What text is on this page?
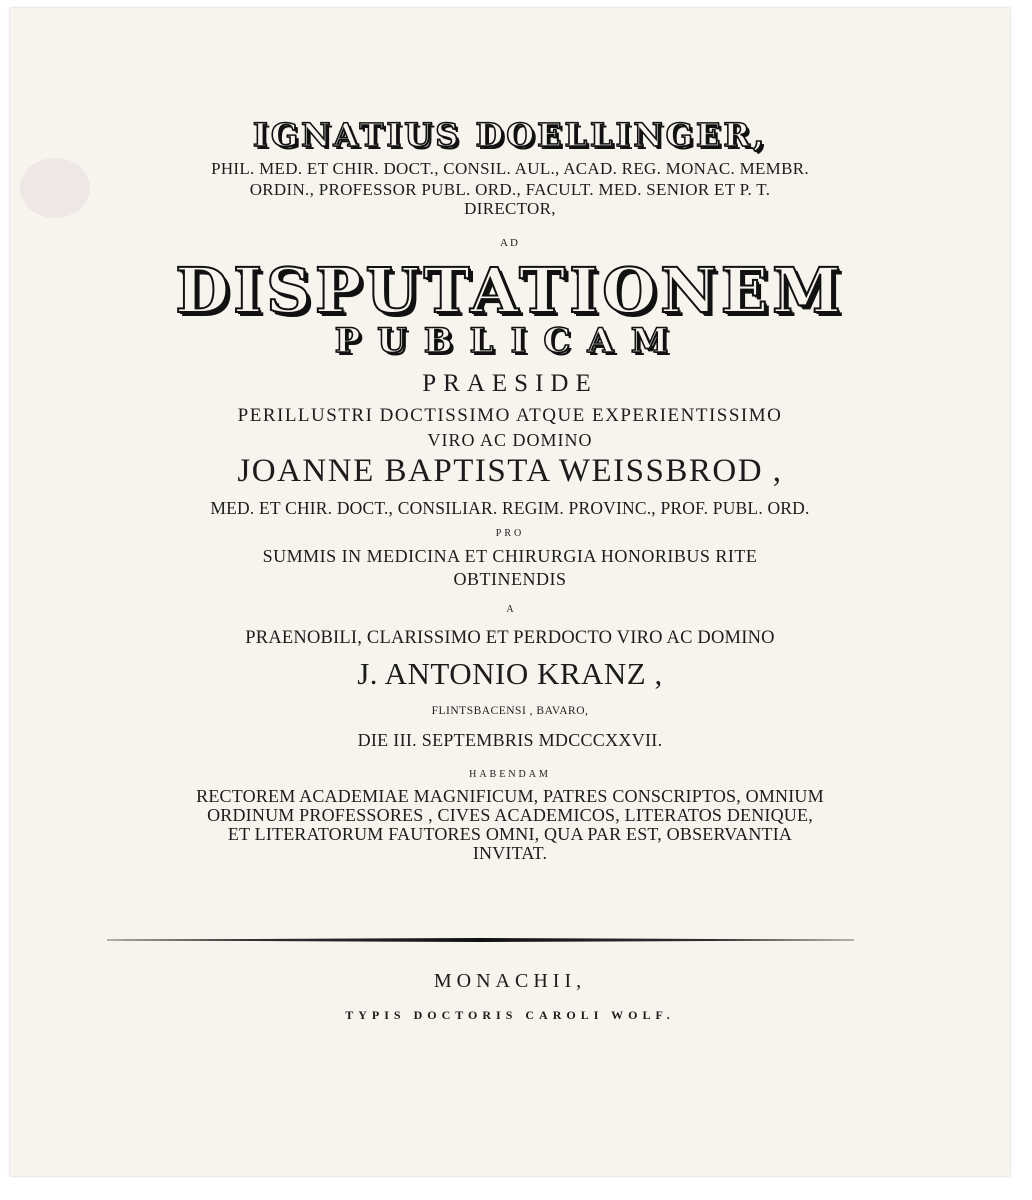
IGNATIUS DOELLINGER,
PHIL. MED. ET CHIR. DOCT., CONSIL. AUL., ACAD. REG. MONAC. MEMBR.
ORDIN., PROFESSOR PUBL. ORD., FACULT. MED. SENIOR ET P. T.
DIRECTOR,
AD
DISPUTATIONEM
PUBLICAM
PRAESIDE
PERILLUSTRI DOCTISSIMO ATQUE EXPERIENTISSIMO
VIRO AC DOMINO
JOANNE BAPTISTA WEISSBROD ,
MED. ET CHIR. DOCT., CONSILIAR. REGIM. PROVINC., PROF. PUBL. ORD.
PRO
SUMMIS IN MEDICINA ET CHIRURGIA HONORIBUS RITE
OBTINENDIS
A
PRAENOBILI, CLARISSIMO ET PERDOCTO VIRO AC DOMINO
J. ANTONIO KRANZ ,
FLINTSBACENSI , BAVARO,
DIE III. SEPTEMBRIS MDCCCXXVII.
HABENDAM
RECTOREM ACADEMIAE MAGNIFICUM, PATRES CONSCRIPTOS, OMNIUM
ORDINUM PROFESSORES , CIVES ACADEMICOS, LITERATOS DENIQUE,
ET LITERATORUM FAUTORES OMNI, QUA PAR EST, OBSERVANTIA
INVITAT.
MONACHII,
TYPIS DOCTORIS CAROLI WOLF.
